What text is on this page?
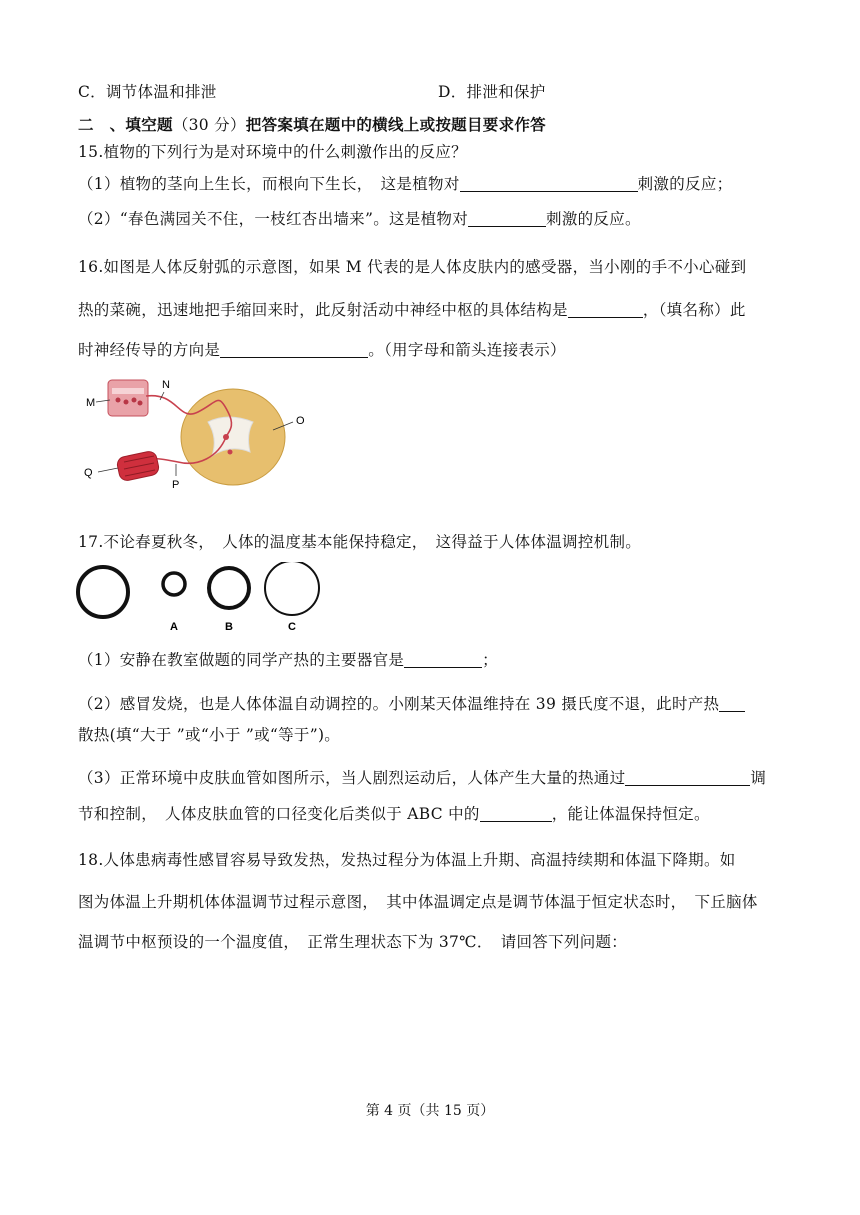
C．调节体温和排泄	D．排泄和保护
二　、填空题（30 分）把答案填在题中的横线上或按题目要求作答
15.植物的下列行为是对环境中的什么刺激作出的反应？
（1）植物的茎向上生长，而根向下生长，　这是植物对	刺激的反应；
（2）“春色满园关不住，一枝红杏出墙来”。这是植物对	刺激的反应。
16.如图是人体反射弧的示意图，如果 M 代表的是人体皮肤内的感受器，当小刚的手不小心碰到
热的菜碗，迅速地把手缩回来时，此反射活动中神经中枢的具体结构是	，（填名称）此
时神经传导的方向是	。（用字母和箭头连接表示）
M
N
O
P
Q
17.不论春夏秋冬，　人体的温度基本能保持稳定，　这得益于人体体温调控机制。
A	B	C
（1）安静在教室做题的同学产热的主要器官是	；
（2）感冒发烧，也是人体体温自动调控的。小刚某天体温维持在 39 摄氏度不退，此时产热
散热(填“大于 ”或“小于 ”或“等于”)。
（3）正常环境中皮肤血管如图所示，当人剧烈运动后，人体产生大量的热通过	调
节和控制，　人体皮肤血管的口径变化后类似于 ABC 中的	，能让体温保持恒定。
18.人体患病毒性感冒容易导致发热，发热过程分为体温上升期、高温持续期和体温下降期。如
图为体温上升期机体体温调节过程示意图，　其中体温调定点是调节体温于恒定状态时，　下丘脑体
温调节中枢预设的一个温度值，　正常生理状态下为 37℃．　请回答下列问题：
第 4 页（共 15 页）
